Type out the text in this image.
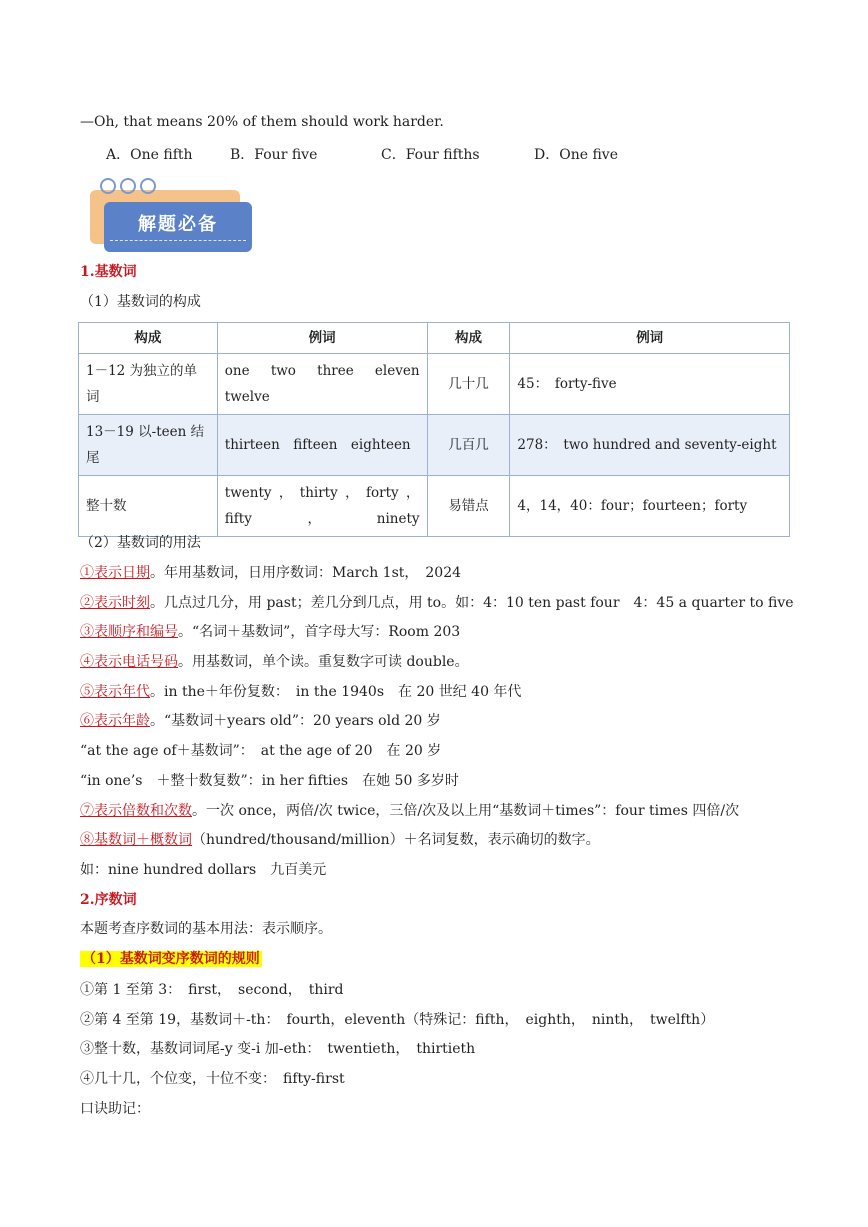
—Oh, that means 20% of them should work harder.
A．One fifth	B．Four five	C．Four fifths	D．One five
解题必备
1.基数词
（1）基数词的构成
构成	例词	构成	例词
1－12 为独立的单词	one　two　three　eleven twelve	几十几	45：　forty-five
13－19 以-teen 结尾	thirteen　fifteen　eighteen	几百几	278：　two hundred and seventy-eight
整十数	twenty，thirty，forty，fifty，ninety	易错点	4，14，40：four；fourteen；forty
（2）基数词的用法
①表示日期。年用基数词，日用序数词：March 1st，　2024
②表示时刻。几点过几分，用 past；差几分到几点，用 to。如：4：10 ten past four　4：45 a quarter to five
③表顺序和编号。“名词＋基数词”，首字母大写：Room 203
④表示电话号码。用基数词，单个读。重复数字可读 double。
⑤表示年代。in the＋年份复数：　in the 1940s　在 20 世纪 40 年代
⑥表示年龄。“基数词＋years old”：20 years old 20 岁
“at the age of＋基数词”：　at the age of 20　在 20 岁
“in one’s　＋整十数复数”：in her fifties　在她 50 多岁时
⑦表示倍数和次数。一次 once，两倍/次 twice，三倍/次及以上用“基数词＋times”：four times 四倍/次
⑧基数词＋概数词（hundred/thousand/million）＋名词复数，表示确切的数字。
如：nine hundred dollars　九百美元
2.序数词
本题考查序数词的基本用法：表示顺序。
（1）基数词变序数词的规则
①第 1 至第 3：　first，　second，　third
②第 4 至第 19，基数词＋-th：　fourth，eleventh（特殊记：fifth，　eighth，　ninth，　twelfth）
③整十数，基数词词尾-y 变-i 加-eth：　twentieth，　thirtieth
④几十几，个位变，十位不变：　fifty-first
口诀助记：
